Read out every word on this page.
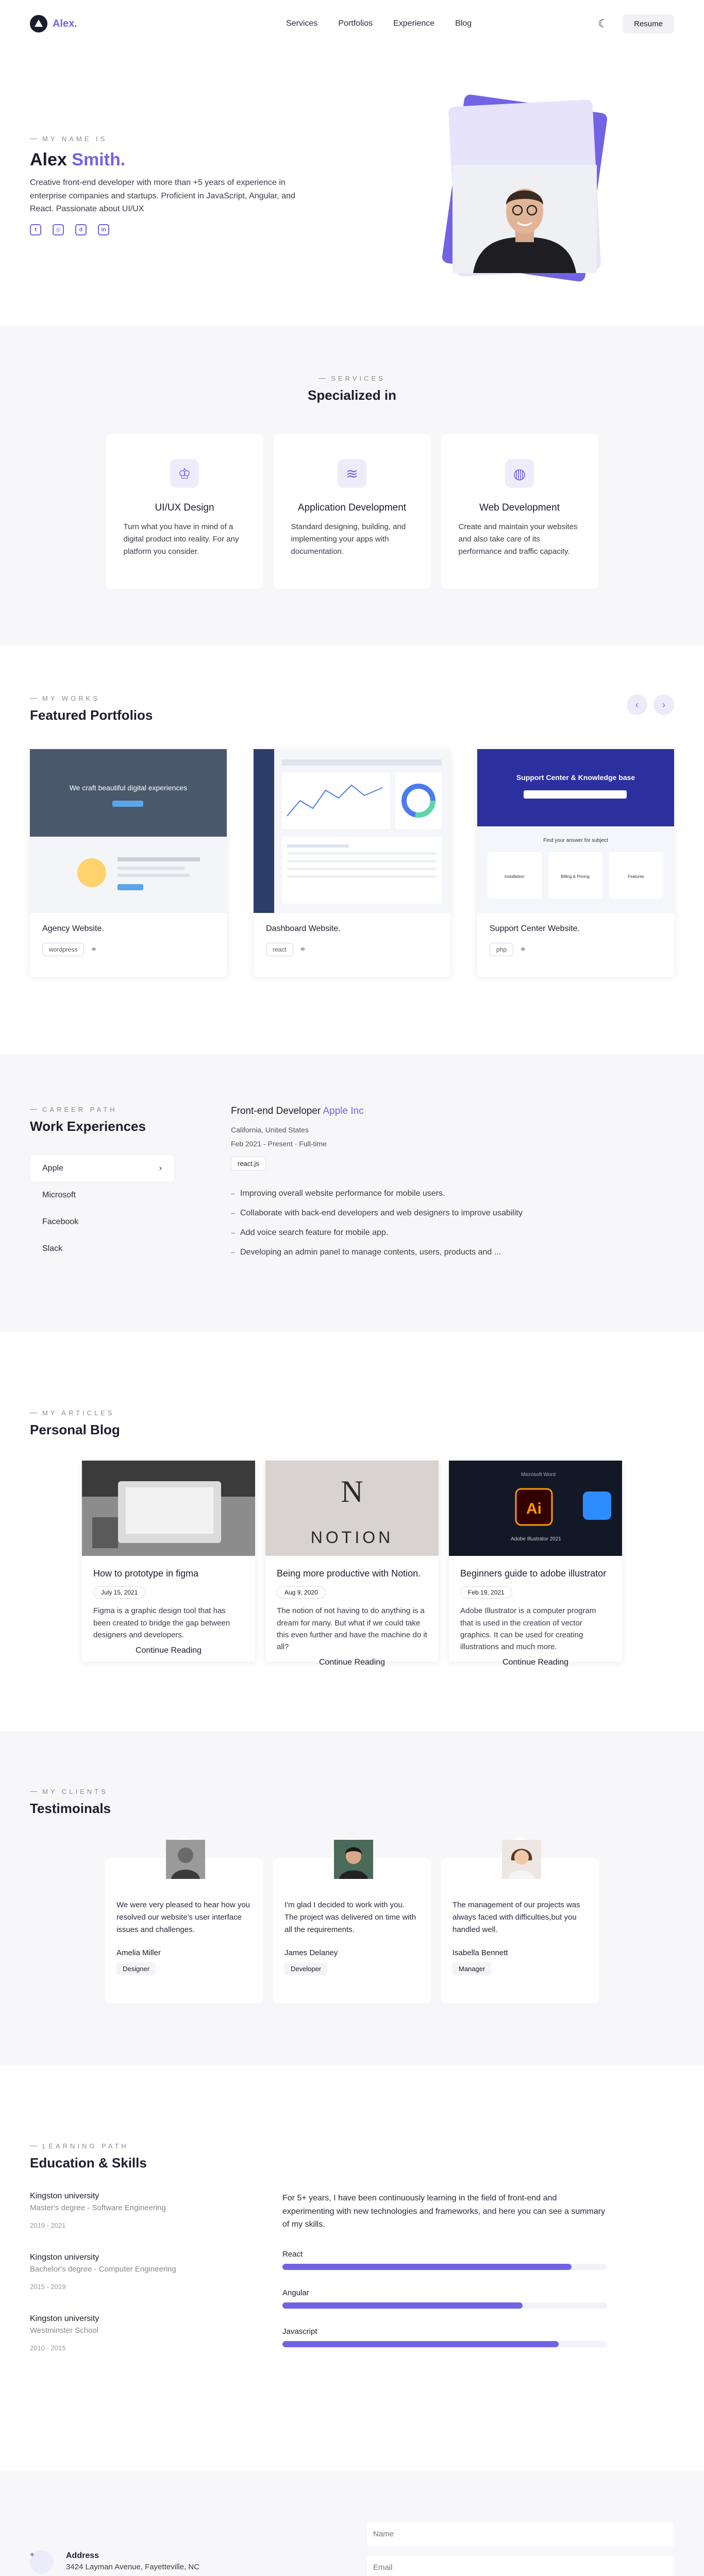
Alex.	Services	Portfolios	Experience	Blog	☾	Resume
MY NAME IS
Alex Smith.

Creative front-end developer with more than +5 years of experience in enterprise companies and startups. Proficient in JavaScript, Angular, and React. Passionate about UI/UX

t	◎	d	in
SERVICES
Specialized in
♔
UI/UX Design

Turn what you have in mind of a digital product into reality. For any platform you consider.

≋
Application Development

Standard designing, building, and implementing your apps with documentation.

◍
Web Development

Create and maintain your websites and also take care of its performance and traffic capacity.

MY WORKS
Featured Portfolios
‹	›
We craft beautiful digital experiences
Agency Website.
wordpress	⚭
Dashboard Website.
react	⚭
Support Center & Knowledge base
Find your answer for subject
Installation	Billing & Pricing	Features
Support Center Website.
php	⚭
CAREER PATH
Work Experiences
Apple	›
Microsoft
Facebook
Slack
Front-end Developer Apple Inc
California, United States
Feb 2021 - Present · Full-time
react.js
Improving overall website performance for mobile users.
Collaborate with back-end developers and web designers to improve usability
Add voice search feature for mobile app.
Developing an admin panel to manage contents, users, products and ...
MY ARTICLES
Personal Blog
How to prototype in figma
July 15, 2021

Figma is a graphic design tool that has been created to bridge the gap between designers and developers.

Continue Reading
N
NOTION
Being more productive with Notion.
Aug 9, 2020

The notion of not having to do anything is a dream for many. But what if we could take this even further and have the machine do it all?

Continue Reading
Microsoft Word
Ai
Adobe Illustrator 2021
Beginners guide to adobe illustrator
Feb 19, 2021

Adobe Illustrator is a computer program that is used in the creation of vector graphics. It can be used for creating illustrations and much more.

Continue Reading
MY CLIENTS
Testimoinals

We were very pleased to hear how you resolved our website's user interface issues and challenges.

Amelia Miller
Designer

I'm glad I decided to work with you. The project was delivered on time with all the requirements.

James Delaney
Developer

The management of our projects was always faced with difficulties,but you handled well.

Isabella Bennett
Manager
LEARNING PATH
Education & Skills
Kingston university
Master's degree - Software Engineering
2019 - 2021
Kingston university
Bachelor's degree - Computer Engineering
2015 - 2019
Kingston university
Westminster School
2010 - 2015

For 5+ years, I have been continuously learning in the field of front-end and experimenting with new technologies and frameworks, and here you can see a summary of my skills.

React
Angular
Javascript
⌖	Address
3424 Layman Avenue, Fayetteville, NC
Name Email
